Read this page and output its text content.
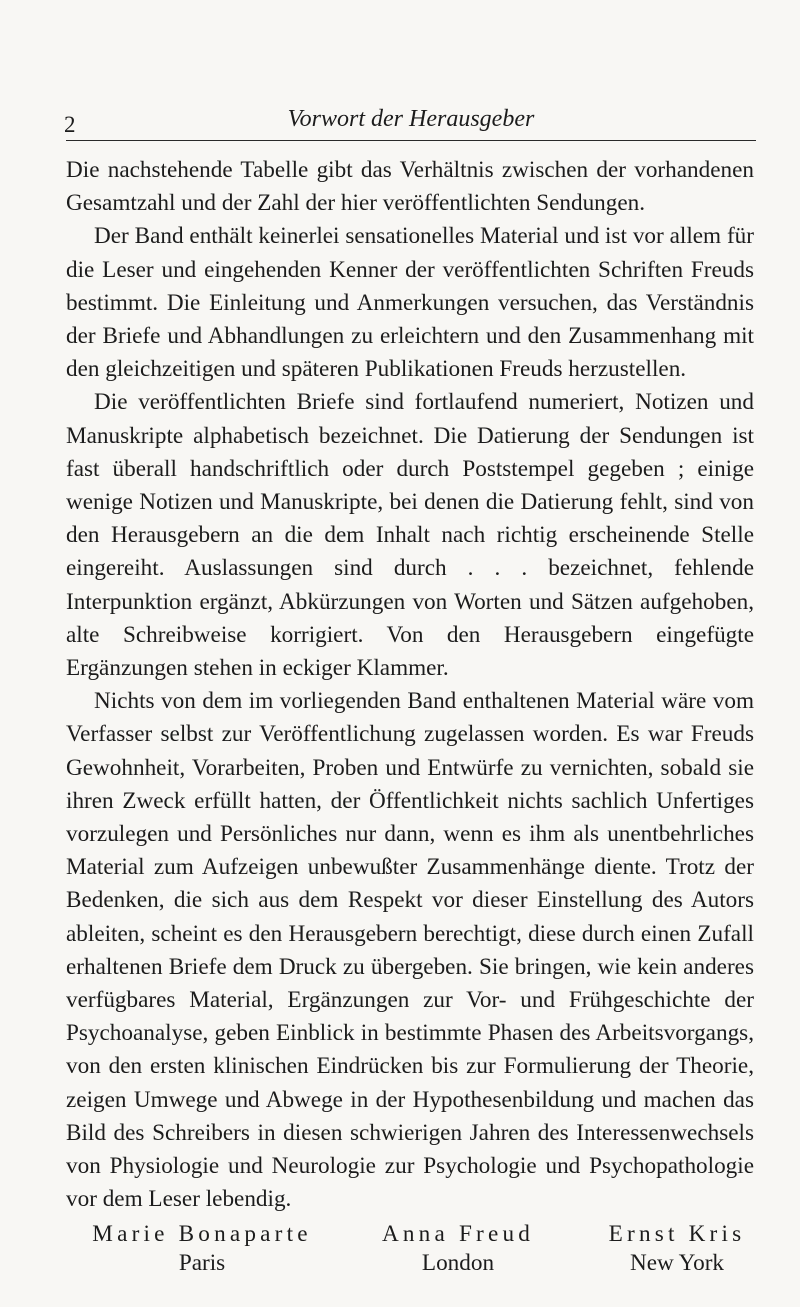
2	Vorwort der Herausgeber

Die nachstehende Tabelle gibt das Verhältnis zwischen der vorhandenen Gesamtzahl und der Zahl der hier veröffentlichten Sendungen.

Der Band enthält keinerlei sensationelles Material und ist vor allem für die Leser und eingehenden Kenner der veröffentlichten Schriften Freuds bestimmt. Die Einleitung und Anmerkungen versuchen, das Verständnis der Briefe und Abhandlungen zu erleichtern und den Zusammenhang mit den gleichzeitigen und späteren Publikationen Freuds herzustellen.

Die veröffentlichten Briefe sind fortlaufend numeriert, Notizen und Manuskripte alphabetisch bezeichnet. Die Datierung der Sendungen ist fast überall handschriftlich oder durch Poststempel gegeben ; einige wenige Notizen und Manuskripte, bei denen die Datierung fehlt, sind von den Herausgebern an die dem Inhalt nach richtig erscheinende Stelle eingereiht. Auslassungen sind durch . . . bezeichnet, fehlende Interpunktion ergänzt, Abkürzungen von Worten und Sätzen aufgehoben, alte Schreibweise korrigiert. Von den Herausgebern eingefügte Ergänzungen stehen in eckiger Klammer.

Nichts von dem im vorliegenden Band enthaltenen Material wäre vom Verfasser selbst zur Veröffentlichung zugelassen worden. Es war Freuds Gewohnheit, Vorarbeiten, Proben und Entwürfe zu vernichten, sobald sie ihren Zweck erfüllt hatten, der Öffentlichkeit nichts sachlich Unfertiges vorzulegen und Persönliches nur dann, wenn es ihm als unentbehrliches Material zum Aufzeigen unbewußter Zusammenhänge diente. Trotz der Bedenken, die sich aus dem Respekt vor dieser Einstellung des Autors ableiten, scheint es den Herausgebern berechtigt, diese durch einen Zufall erhaltenen Briefe dem Druck zu übergeben. Sie bringen, wie kein anderes verfügbares Material, Ergänzungen zur Vor- und Frühgeschichte der Psychoanalyse, geben Einblick in bestimmte Phasen des Arbeitsvorgangs, von den ersten klinischen Eindrücken bis zur Formulierung der Theorie, zeigen Umwege und Abwege in der Hypothesenbildung und machen das Bild des Schreibers in diesen schwierigen Jahren des Interessenwechsels von Physiologie und Neurologie zur Psychologie und Psychopathologie vor dem Leser lebendig.

Marie Bonaparte
Paris
Anna Freud
London
Ernst Kris
New York
